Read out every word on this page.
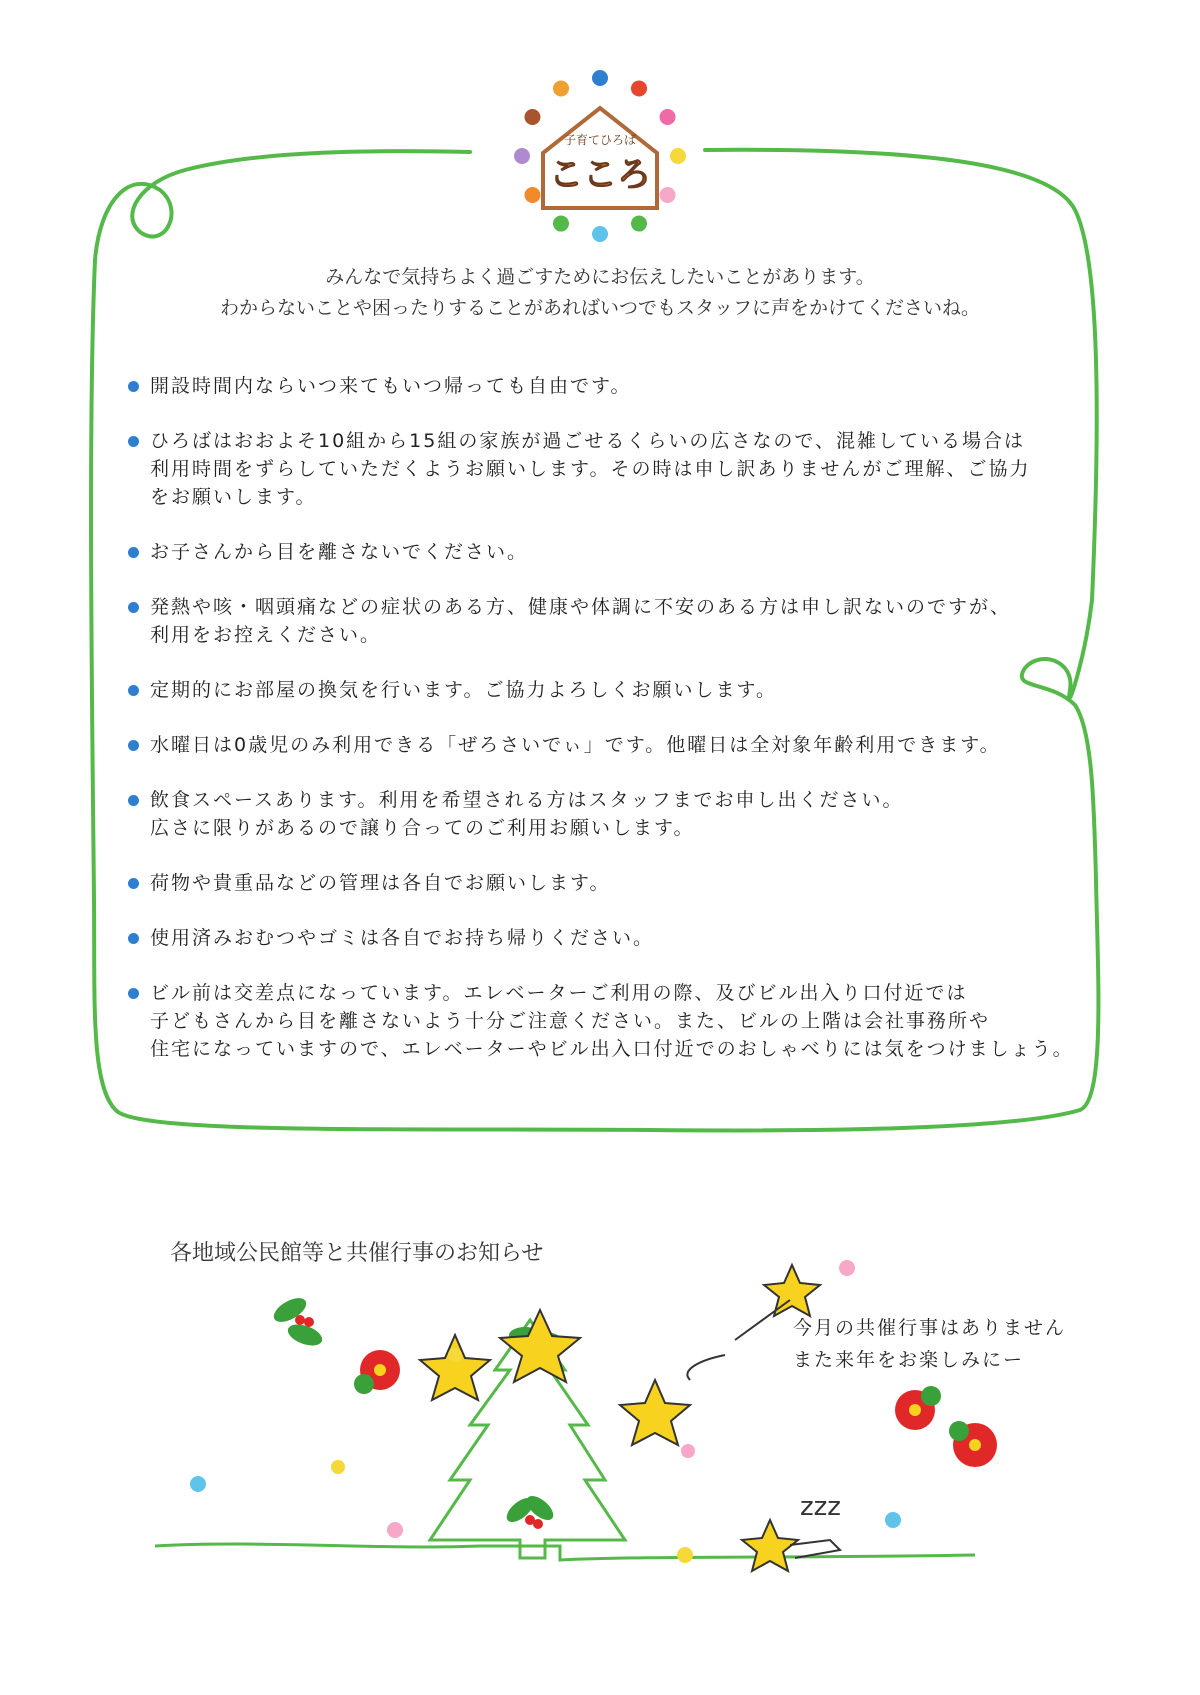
子育てひろば
こころ
みんなで気持ちよく過ごすためにお伝えしたいことがあります。
わからないことや困ったりすることがあればいつでもスタッフに声をかけてくださいね。
開設時間内ならいつ来てもいつ帰っても自由です。
ひろばはおおよそ10組から15組の家族が過ごせるくらいの広さなので、混雑している場合は
利用時間をずらしていただくようお願いします。その時は申し訳ありませんがご理解、ご協力
をお願いします。
お子さんから目を離さないでください。
発熱や咳・咽頭痛などの症状のある方、健康や体調に不安のある方は申し訳ないのですが、
利用をお控えください。
定期的にお部屋の換気を行います。ご協力よろしくお願いします。
水曜日は0歳児のみ利用できる「ぜろさいでぃ」です。他曜日は全対象年齢利用できます。
飲食スペースあります。利用を希望される方はスタッフまでお申し出ください。
広さに限りがあるので譲り合ってのご利用お願いします。
荷物や貴重品などの管理は各自でお願いします。
使用済みおむつやゴミは各自でお持ち帰りください。
ビル前は交差点になっています。エレベーターご利用の際、及びビル出入り口付近では
子どもさんから目を離さないよう十分ご注意ください。また、ビルの上階は会社事務所や
住宅になっていますので、エレベーターやビル出入口付近でのおしゃべりには気をつけましょう。
各地域公民館等と共催行事のお知らせ
今月の共催行事はありません
また来年をお楽しみにー
zzz
